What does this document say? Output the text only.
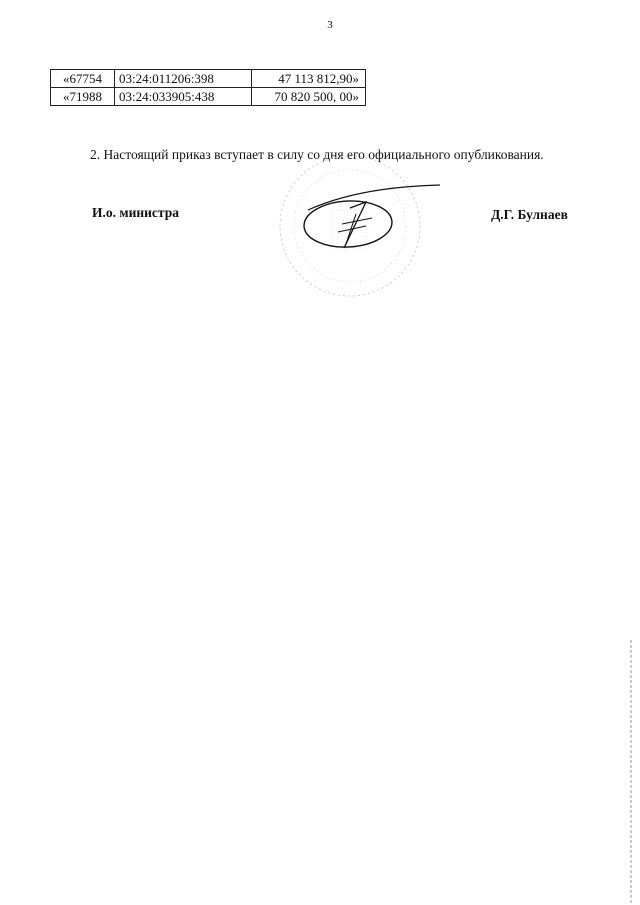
3
«67754	03:24:011206:398	47 113 812,90»
«71988	03:24:033905:438	70 820 500, 00»
2. Настоящий приказ вступает в силу со дня его официального опубликования.
И.о. министра	Д.Г. Булнаев
